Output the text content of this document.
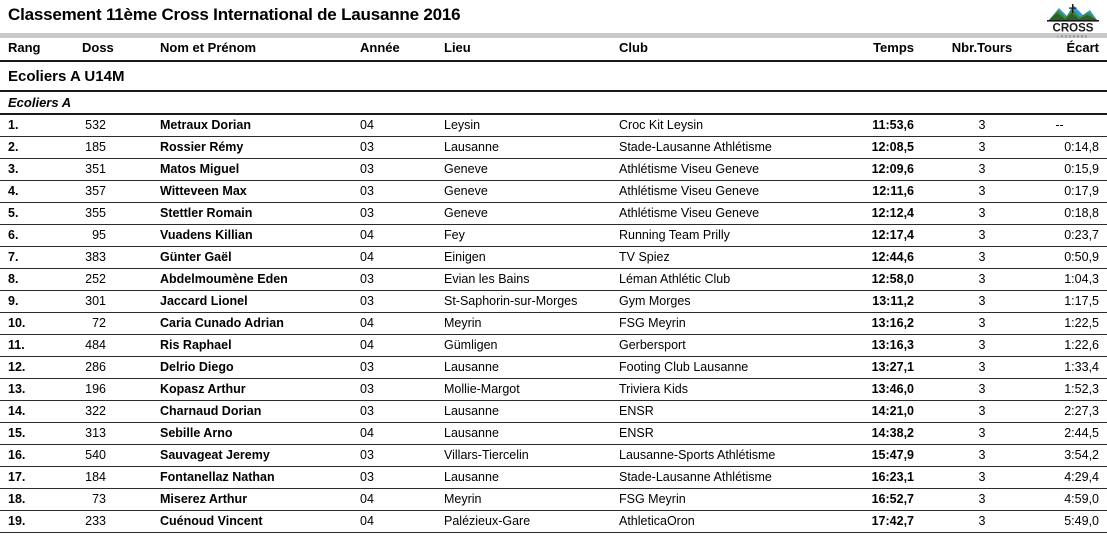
Classement 11ème Cross International de Lausanne 2016
CROSS
LAUSANNE
Rang	Doss	Nom et Prénom	Année	Lieu	Club	Temps	Nbr.Tours	Écart
Ecoliers A U14M
Ecoliers A
1.	532	Metraux Dorian	04	Leysin	Croc Kit Leysin	11:53,6	3	--
2.	185	Rossier Rémy	03	Lausanne	Stade-Lausanne Athlétisme	12:08,5	3	0:14,8
3.	351	Matos Miguel	03	Geneve	Athlétisme Viseu Geneve	12:09,6	3	0:15,9
4.	357	Witteveen Max	03	Geneve	Athlétisme Viseu Geneve	12:11,6	3	0:17,9
5.	355	Stettler Romain	03	Geneve	Athlétisme Viseu Geneve	12:12,4	3	0:18,8
6.	95	Vuadens Killian	04	Fey	Running Team Prilly	12:17,4	3	0:23,7
7.	383	Günter Gaël	04	Einigen	TV Spiez	12:44,6	3	0:50,9
8.	252	Abdelmoumène Eden	03	Evian les Bains	Léman Athlétic Club	12:58,0	3	1:04,3
9.	301	Jaccard Lionel	03	St-Saphorin-sur-Morges	Gym Morges	13:11,2	3	1:17,5
10.	72	Caria Cunado Adrian	04	Meyrin	FSG Meyrin	13:16,2	3	1:22,5
11.	484	Ris Raphael	04	Gümligen	Gerbersport	13:16,3	3	1:22,6
12.	286	Delrio Diego	03	Lausanne	Footing Club Lausanne	13:27,1	3	1:33,4
13.	196	Kopasz Arthur	03	Mollie-Margot	Triviera Kids	13:46,0	3	1:52,3
14.	322	Charnaud Dorian	03	Lausanne	ENSR	14:21,0	3	2:27,3
15.	313	Sebille Arno	04	Lausanne	ENSR	14:38,2	3	2:44,5
16.	540	Sauvageat Jeremy	03	Villars-Tiercelin	Lausanne-Sports Athlétisme	15:47,9	3	3:54,2
17.	184	Fontanellaz Nathan	03	Lausanne	Stade-Lausanne Athlétisme	16:23,1	3	4:29,4
18.	73	Miserez Arthur	04	Meyrin	FSG Meyrin	16:52,7	3	4:59,0
19.	233	Cuénoud Vincent	04	Palézieux-Gare	AthleticaOron	17:42,7	3	5:49,0
